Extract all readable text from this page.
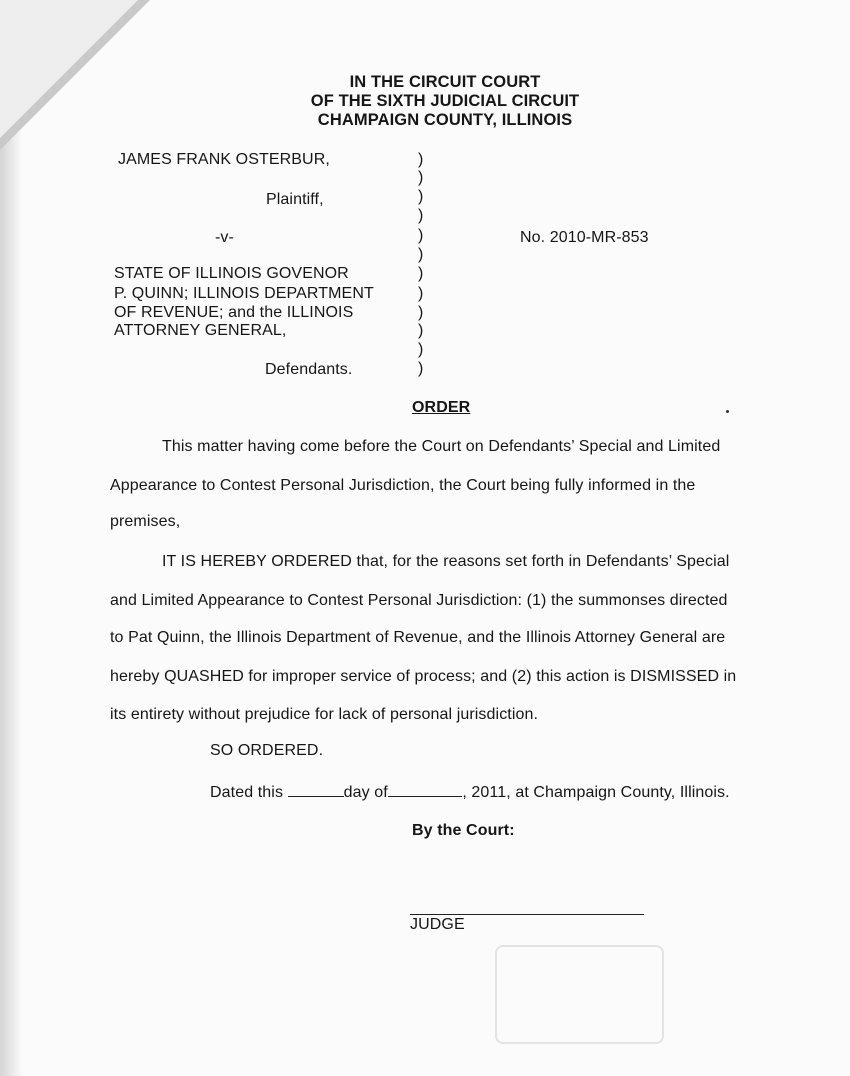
IN THE CIRCUIT COURT
OF THE SIXTH JUDICIAL CIRCUIT
CHAMPAIGN COUNTY, ILLINOIS
JAMES FRANK OSTERBUR,
Plaintiff,
-v-
STATE OF ILLINOIS GOVENOR
P. QUINN; ILLINOIS DEPARTMENT
OF REVENUE; and the ILLINOIS
ATTORNEY GENERAL,
Defendants.
)
)
)
)
)
)
)
)
)
)
)
)
No. 2010-MR-853
ORDER
This matter having come before the Court on Defendants’ Special and Limited
Appearance to Contest Personal Jurisdiction, the Court being fully informed in the
premises,
IT IS HEREBY ORDERED that, for the reasons set forth in Defendants’ Special
and Limited Appearance to Contest Personal Jurisdiction: (1) the summonses directed
to Pat Quinn, the Illinois Department of Revenue, and the Illinois Attorney General are
hereby QUASHED for improper service of process; and (2) this action is DISMISSED in
its entirety without prejudice for lack of personal jurisdiction.
SO ORDERED.
Dated this	day of	, 2011, at Champaign County, Illinois.
By the Court:
JUDGE
